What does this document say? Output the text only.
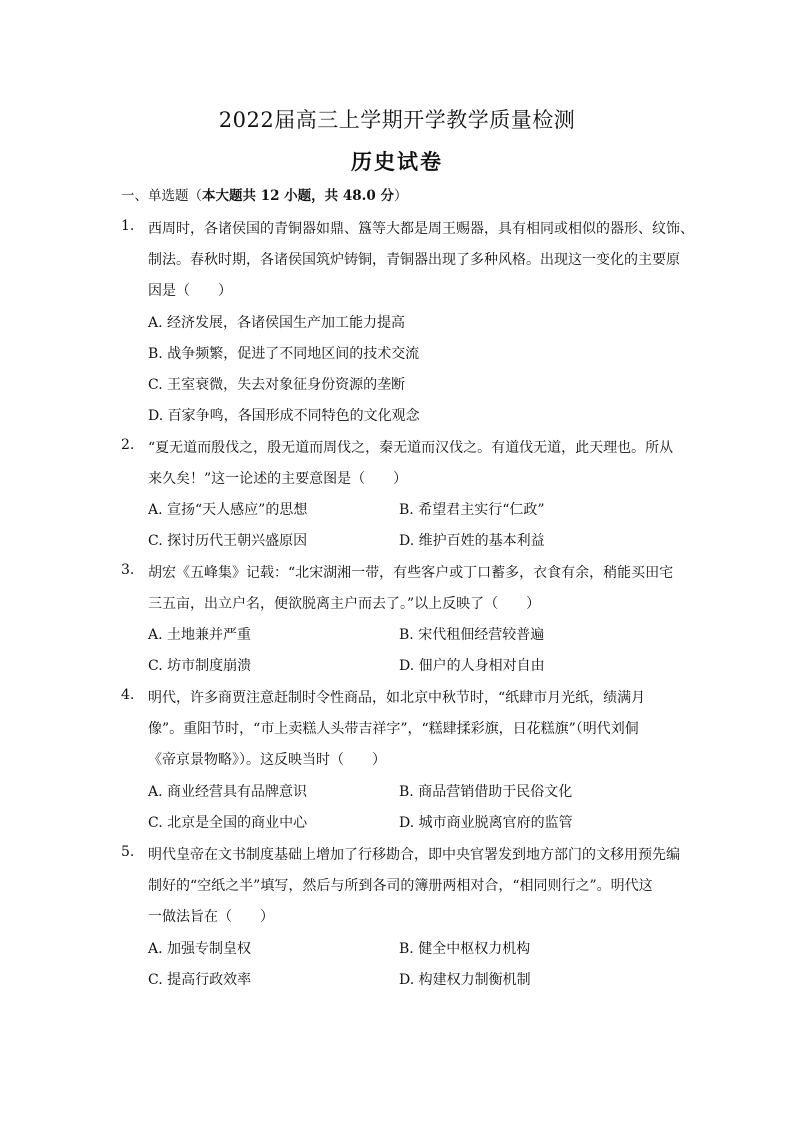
2022届高三上学期开学教学质量检测
历史试卷
一、单选题（本大题共 12 小题，共 48.0 分）
1. 西周时，各诸侯国的青铜器如鼎、簋等大都是周王赐器，具有相同或相似的器形、纹饰、
制法。春秋时期，各诸侯国筑炉铸铜，青铜器出现了多种风格。出现这一变化的主要原
因是（　　）
A. 经济发展，各诸侯国生产加工能力提高
B. 战争频繁，促进了不同地区间的技术交流
C. 王室衰微，失去对象征身份资源的垄断
D. 百家争鸣，各国形成不同特色的文化观念
2. “夏无道而殷伐之，殷无道而周伐之，秦无道而汉伐之。有道伐无道，此天理也。所从
来久矣！”这一论述的主要意图是（　　）
A. 宣扬“天人感应”的思想	B. 希望君主实行“仁政”
C. 探讨历代王朝兴盛原因	D. 维护百姓的基本利益
3. 胡宏《五峰集》记载：“北宋湖湘一带，有些客户或丁口蓄多，衣食有余，稍能买田宅
三五亩，出立户名，便欲脱离主户而去了。”以上反映了（　　）
A. 土地兼并严重	B. 宋代租佃经营较普遍
C. 坊市制度崩溃	D. 佃户的人身相对自由
4. 明代，许多商贾注意赶制时令性商品，如北京中秋节时，“纸肆市月光纸，绩满月
像”。重阳节时，“市上卖糕人头带吉祥字”，“糕肆揉彩旗，日花糕旗”（明代刘侗
《帝京景物略》）。这反映当时（　　）
A. 商业经营具有品牌意识	B. 商品营销借助于民俗文化
C. 北京是全国的商业中心	D. 城市商业脱离官府的监管
5. 明代皇帝在文书制度基础上增加了行移勘合，即中央官署发到地方部门的文移用预先编
制好的“空纸之半”填写，然后与所到各司的簿册两相对合，“相同则行之”。明代这
一做法旨在（　　）
A. 加强专制皇权	B. 健全中枢权力机构
C. 提高行政效率	D. 构建权力制衡机制
